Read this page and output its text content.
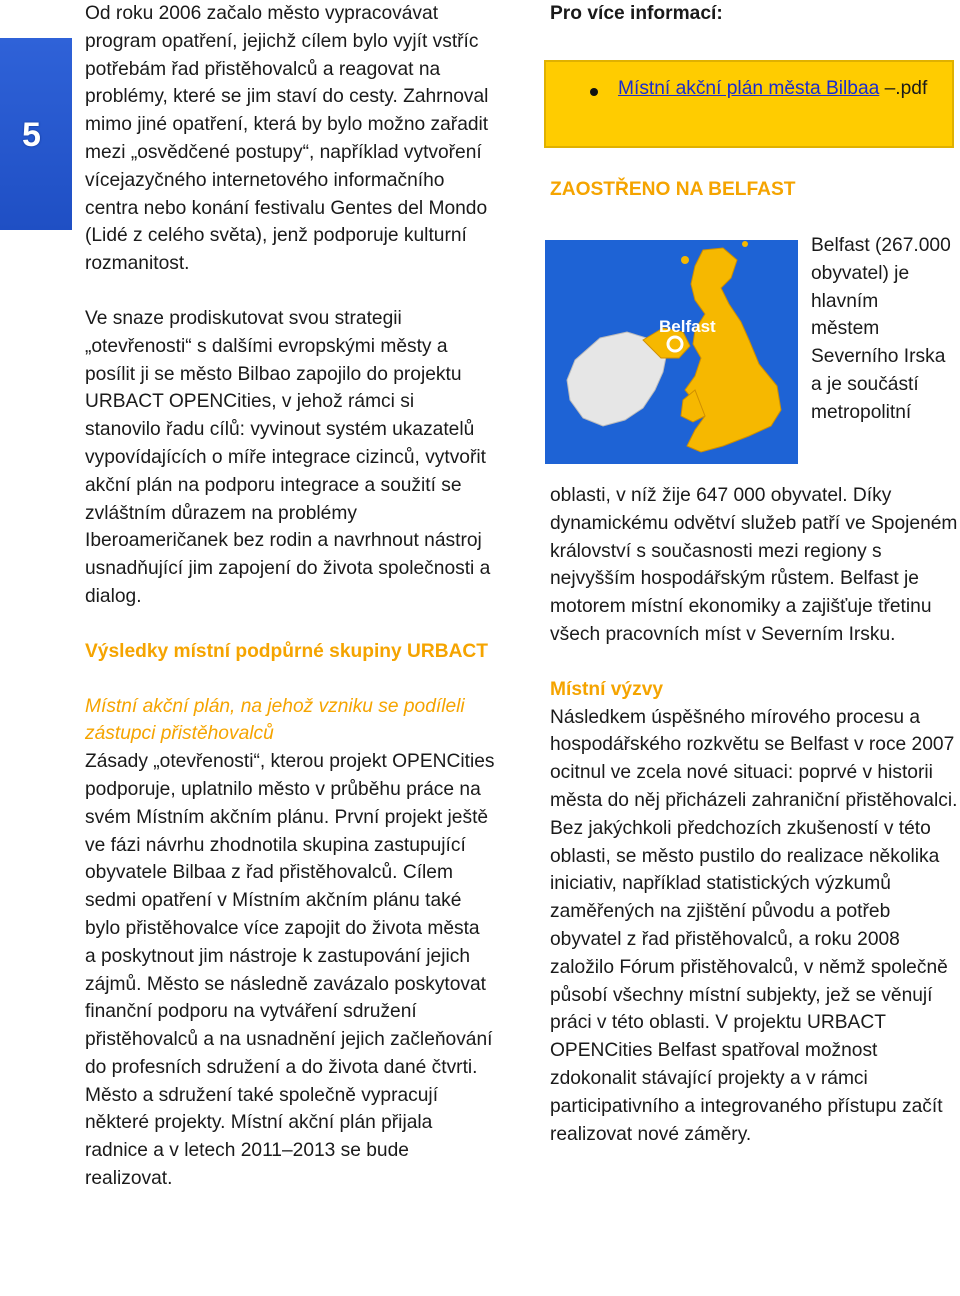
5

Od roku 2006 začalo město vypracovávat program opatření, jejichž cílem bylo vyjít vstříc potřebám řad přistěhovalců a reagovat na problémy, které se jim staví do cesty. Zahrnoval mimo jiné opatření, která by bylo možno zařadit mezi „osvědčené postupy“, například vytvoření vícejazyčného internetového informačního centra nebo konání festivalu Gentes del Mondo (Lidé z celého světa), jenž podporuje kulturní rozmanitost.

Ve snaze prodiskutovat svou strategii „otevřenosti“ s dalšími evropskými městy a posílit ji se město Bilbao zapojilo do projektu URBACT OPENCities, v jehož rámci si stanovilo řadu cílů: vyvinout systém ukazatelů vypovídajících o míře integrace cizinců, vytvořit akční plán na podporu integrace a soužití se zvláštním důrazem na problémy Iberoameričanek bez rodin a navrhnout nástroj usnadňující jim zapojení do života společnosti a dialog.

Výsledky místní podpůrné skupiny URBACT

Místní akční plán, na jehož vzniku se podíleli zástupci přistěhovalců

Zásady „otevřenosti“, kterou projekt OPENCities podporuje, uplatnilo město v průběhu práce na svém Místním akčním plánu. První projekt ještě ve fázi návrhu zhodnotila skupina zastupující obyvatele Bilbaa z řad přistěhovalců. Cílem sedmi opatření v Místním akčním plánu také bylo přistěhovalce více zapojit do života města a poskytnout jim nástroje k zastupování jejich zájmů. Město se následně zavázalo poskytovat finanční podporu na vytváření sdružení přistěhovalců a na usnadnění jejich začleňování do profesních sdružení a do života dané čtvrti. Město a sdružení také společně vypracují některé projekty. Místní akční plán přijala radnice a v letech 2011–2013 se bude realizovat.

Pro více informací:

Místní akční plán města Bilbaa –.pdf

ZAOSTŘENO NA BELFAST

Belfast

Belfast (267.000 obyvatel) je hlavním městem Severního Irska a je součástí metropolitní

oblasti, v níž žije 647 000 obyvatel. Díky dynamickému odvětví služeb patří ve Spojeném království s současnosti mezi regiony s nejvyšším hospodářským růstem. Belfast je motorem místní ekonomiky a zajišťuje třetinu všech pracovních míst v Severním Irsku.

Místní výzvy

Následkem úspěšného mírového procesu a hospodářského rozkvětu se Belfast v roce 2007 ocitnul ve zcela nové situaci: poprvé v historii města do něj přicházeli zahraniční přistěhovalci. Bez jakýchkoli předchozích zkušeností v této oblasti, se město pustilo do realizace několika iniciativ, například statistických výzkumů zaměřených na zjištění původu a potřeb obyvatel z řad přistěhovalců, a roku 2008 založilo Fórum přistěhovalců, v němž společně působí všechny místní subjekty, jež se věnují práci v této oblasti. V projektu URBACT OPENCities Belfast spatřoval možnost zdokonalit stávající projekty a v rámci participativního a integrovaného přístupu začít realizovat nové záměry.
